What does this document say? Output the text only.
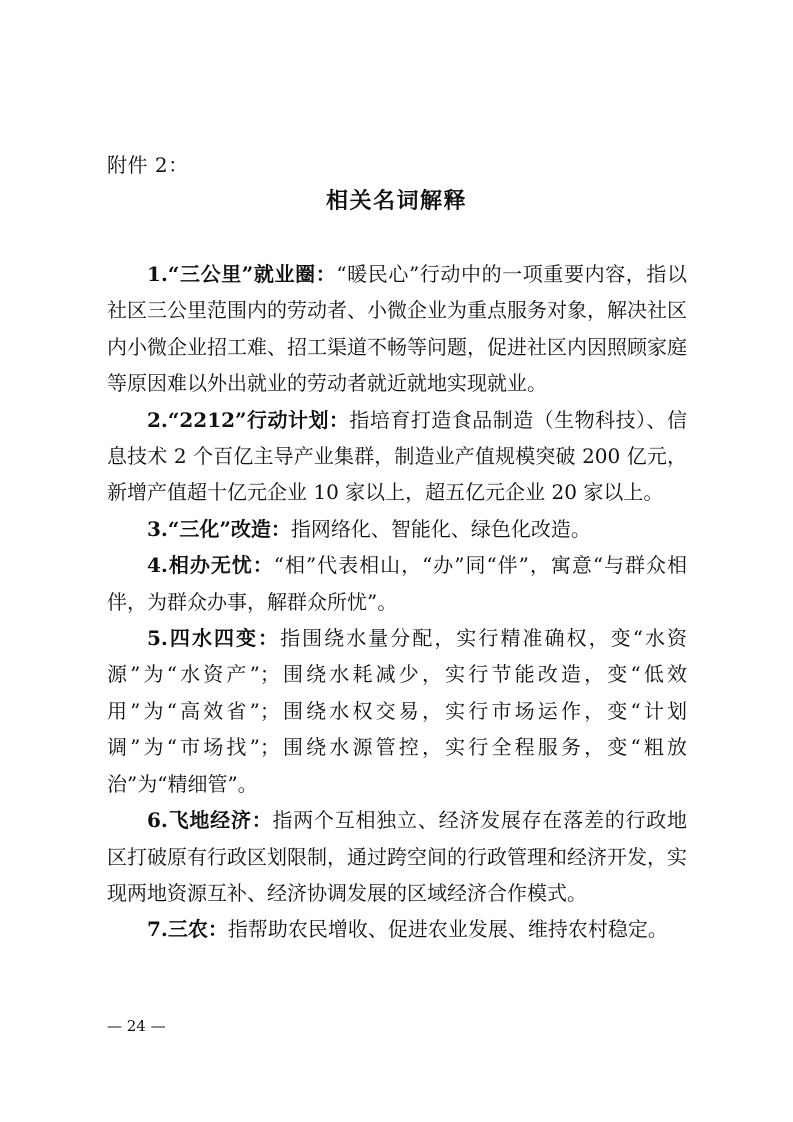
附件 2：
相关名词解释

1.“三公里”就业圈：“暖民心”行动中的一项重要内容，指以社区三公里范围内的劳动者、小微企业为重点服务对象，解决社区内小微企业招工难、招工渠道不畅等问题，促进社区内因照顾家庭等原因难以外出就业的劳动者就近就地实现就业。

2.“2212”行动计划：指培育打造食品制造（生物科技）、信息技术 2 个百亿主导产业集群，制造业产值规模突破 200 亿元，新增产值超十亿元企业 10 家以上，超五亿元企业 20 家以上。

3.“三化”改造：指网络化、智能化、绿色化改造。

4.相办无忧：“相”代表相山，“办”同“伴”，寓意“与群众相伴，为群众办事，解群众所忧”。

5.四水四变：指围绕水量分配，实行精准确权，变“水资源”为“水资产”；围绕水耗减少，实行节能改造，变“低效用”为“高效省”；围绕水权交易，实行市场运作，变“计划调”为“市场找”；围绕水源管控，实行全程服务，变“粗放治”为“精细管”。

6.飞地经济：指两个互相独立、经济发展存在落差的行政地区打破原有行政区划限制，通过跨空间的行政管理和经济开发，实现两地资源互补、经济协调发展的区域经济合作模式。

7.三农：指帮助农民增收、促进农业发展、维持农村稳定。

— 24 —
